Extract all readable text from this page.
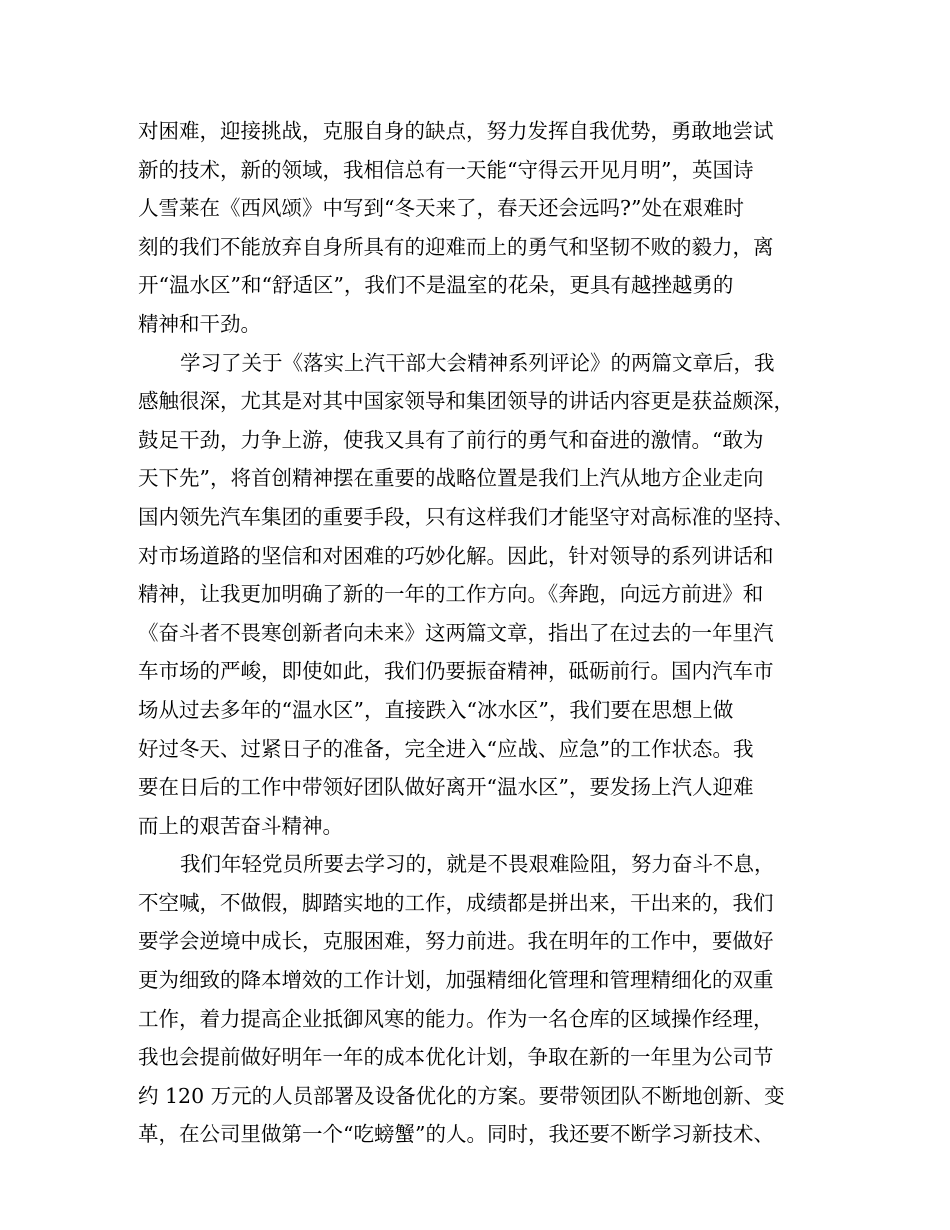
对困难，迎接挑战，克服自身的缺点，努力发挥自我优势，勇敢地尝试
新的技术，新的领域，我相信总有一天能“守得云开见月明”，英国诗
人雪莱在《西风颂》中写到“冬天来了，春天还会远吗?”处在艰难时
刻的我们不能放弃自身所具有的迎难而上的勇气和坚韧不败的毅力，离
开“温水区”和“舒适区”，我们不是温室的花朵，更具有越挫越勇的
精神和干劲。
学习了关于《落实上汽干部大会精神系列评论》的两篇文章后，我
感触很深，尤其是对其中国家领导和集团领导的讲话内容更是获益颇深，
鼓足干劲，力争上游，使我又具有了前行的勇气和奋进的激情。“敢为
天下先”，将首创精神摆在重要的战略位置是我们上汽从地方企业走向
国内领先汽车集团的重要手段，只有这样我们才能坚守对高标准的坚持、
对市场道路的坚信和对困难的巧妙化解。因此，针对领导的系列讲话和
精神，让我更加明确了新的一年的工作方向。《奔跑，向远方前进》和
《奋斗者不畏寒创新者向未来》这两篇文章，指出了在过去的一年里汽
车市场的严峻，即使如此，我们仍要振奋精神，砥砺前行。国内汽车市
场从过去多年的“温水区”，直接跌入“冰水区”，我们要在思想上做
好过冬天、过紧日子的准备，完全进入“应战、应急”的工作状态。我
要在日后的工作中带领好团队做好离开“温水区”，要发扬上汽人迎难
而上的艰苦奋斗精神。
我们年轻党员所要去学习的，就是不畏艰难险阻，努力奋斗不息，
不空喊，不做假，脚踏实地的工作，成绩都是拼出来，干出来的，我们
要学会逆境中成长，克服困难，努力前进。我在明年的工作中，要做好
更为细致的降本增效的工作计划，加强精细化管理和管理精细化的双重
工作，着力提高企业抵御风寒的能力。作为一名仓库的区域操作经理，
我也会提前做好明年一年的成本优化计划，争取在新的一年里为公司节
约 120 万元的人员部署及设备优化的方案。要带领团队不断地创新、变
革，在公司里做第一个“吃螃蟹”的人。同时，我还要不断学习新技术、
